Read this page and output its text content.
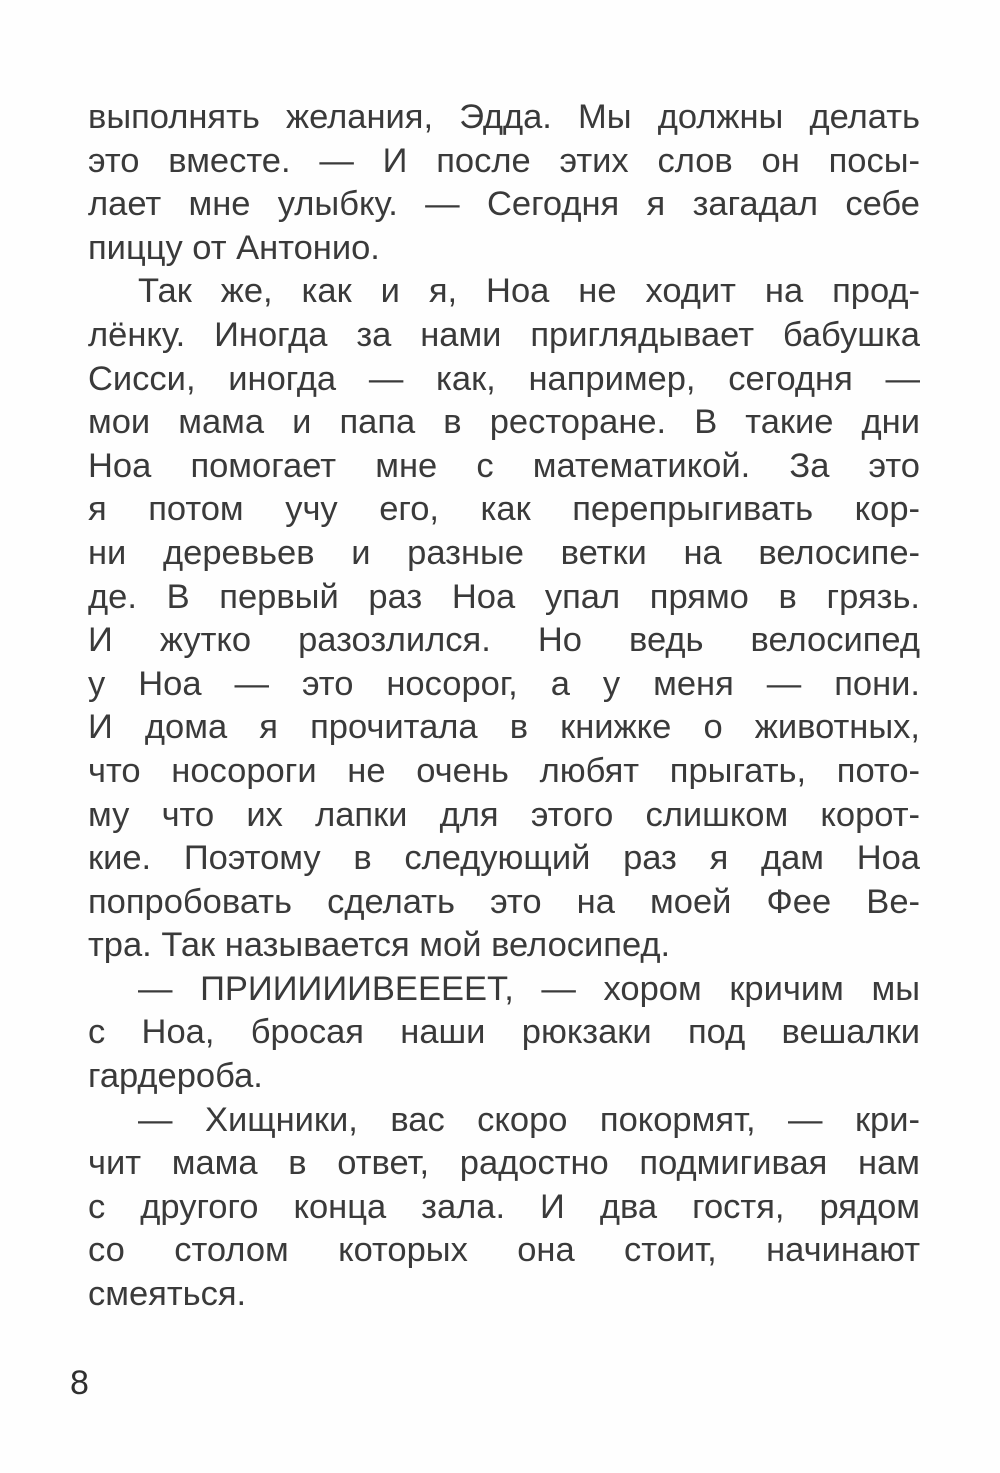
выполнять желания, Эдда. Мы должны делать
это вместе. — И после этих слов он посы-
лает мне улыбку. — Сегодня я загадал себе
пиццу от Антонио.
Так же, как и я, Ноа не ходит на прод-
лёнку. Иногда за нами приглядывает бабушка
Сисси, иногда — как, например, сегодня —
мои мама и папа в ресторане. В такие дни
Ноа помогает мне с математикой. За это
я потом учу его, как перепрыгивать кор-
ни деревьев и разные ветки на велосипе-
де. В первый раз Ноа упал прямо в грязь.
И жутко разозлился. Но ведь велосипед
у Ноа — это носорог, а у меня — пони.
И дома я прочитала в книжке о животных,
что носороги не очень любят прыгать, пото-
му что их лапки для этого слишком корот-
кие. Поэтому в следующий раз я дам Ноа
попробовать сделать это на моей Фее Ве-
тра. Так называется мой велосипед.
— ПРИИИИИВЕЕЕЕТ, — хором кричим мы
с Ноа, бросая наши рюкзаки под вешалки
гардероба.
— Хищники, вас скоро покормят, — кри-
чит мама в ответ, радостно подмигивая нам
с другого конца зала. И два гостя, рядом
со столом которых она стоит, начинают
смеяться.
8
